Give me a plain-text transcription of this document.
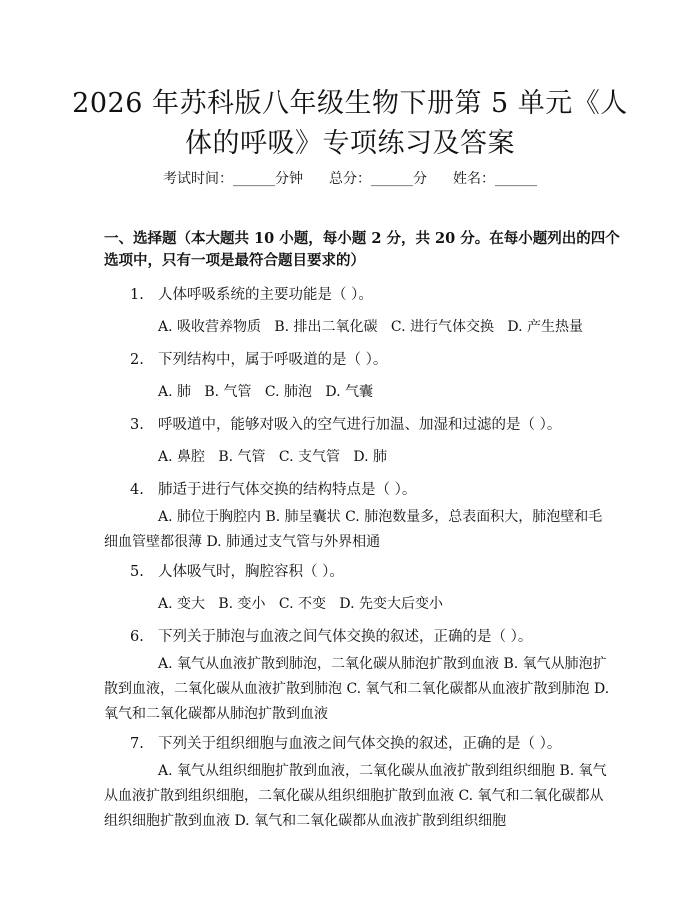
2026 年苏科版八年级生物下册第 5 单元《人
体的呼吸》专项练习及答案
考试时间：______分钟 总分：______分 姓名：______
一、选择题（本大题共 10 小题，每小题 2 分，共 20 分。在每小题列出的四个选项中，只有一项是最符合题目要求的）
1. 人体呼吸系统的主要功能是（ ）。
A. 吸收营养物质   B. 排出二氧化碳   C. 进行气体交换   D. 产生热量
2. 下列结构中，属于呼吸道的是（ ）。
A. 肺   B. 气管   C. 肺泡   D. 气囊
3. 呼吸道中，能够对吸入的空气进行加温、加湿和过滤的是（ ）。
A. 鼻腔   B. 气管   C. 支气管   D. 肺
4. 肺适于进行气体交换的结构特点是（ ）。
A. 肺位于胸腔内 B. 肺呈囊状 C. 肺泡数量多，总表面积大，肺泡壁和毛细血管壁都很薄 D. 肺通过支气管与外界相通
5. 人体吸气时，胸腔容积（ ）。
A. 变大   B. 变小   C. 不变   D. 先变大后变小
6. 下列关于肺泡与血液之间气体交换的叙述，正确的是（ ）。
A. 氧气从血液扩散到肺泡，二氧化碳从肺泡扩散到血液 B. 氧气从肺泡扩散到血液，二氧化碳从血液扩散到肺泡 C. 氧气和二氧化碳都从血液扩散到肺泡 D. 氧气和二氧化碳都从肺泡扩散到血液
7. 下列关于组织细胞与血液之间气体交换的叙述，正确的是（ ）。
A. 氧气从组织细胞扩散到血液，二氧化碳从血液扩散到组织细胞 B. 氧气从血液扩散到组织细胞，二氧化碳从组织细胞扩散到血液 C. 氧气和二氧化碳都从组织细胞扩散到血液 D. 氧气和二氧化碳都从血液扩散到组织细胞
